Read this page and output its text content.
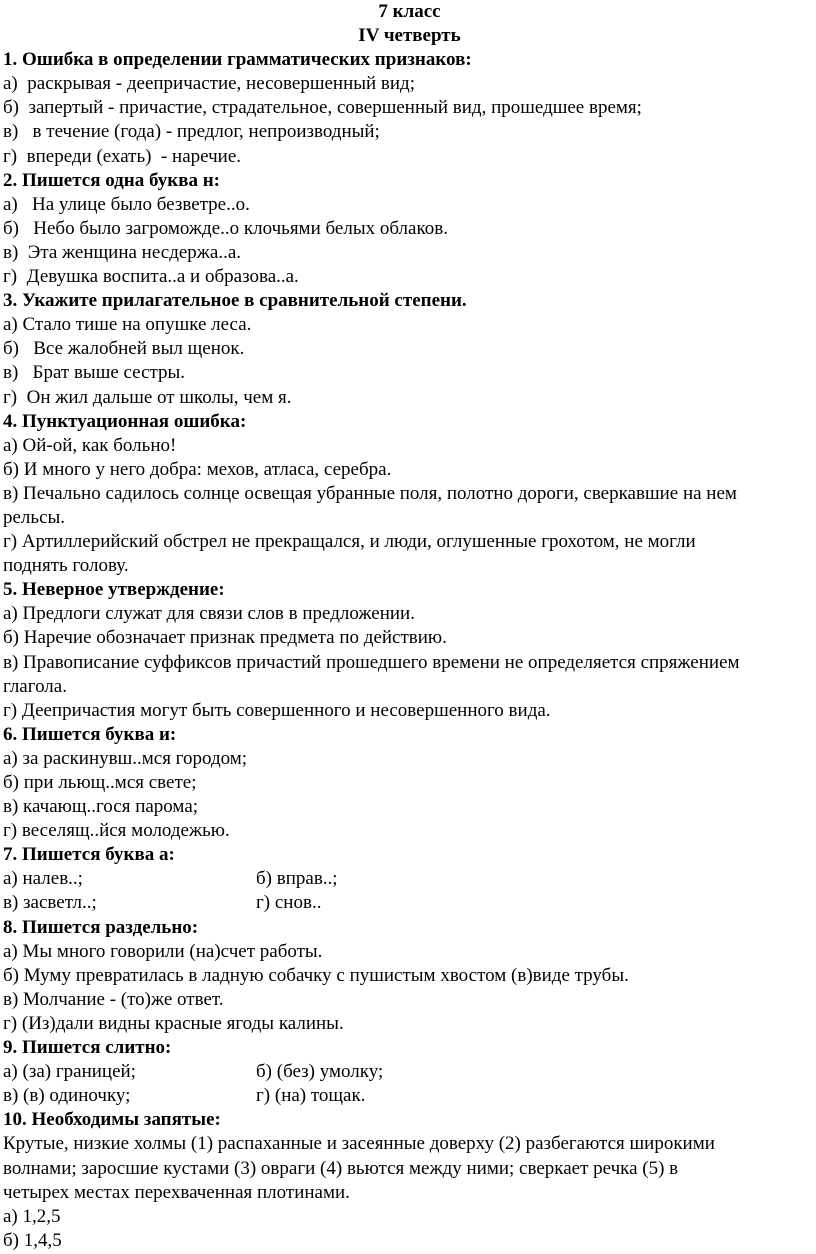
7 класс
IV четверть
1. Ошибка в определении грамматических признаков:
а)  раскрывая - деепричастие, несовершенный вид;
б)  запертый - причастие, страдательное, совершенный вид, прошедшее время;
в)   в течение (года) - предлог, непроизводный;
г)  впереди (ехать)  - наречие.
2. Пишется одна буква н:
а)   На улице было безветре..о.
б)   Небо было загроможде..о клочьями белых облаков.
в)  Эта женщина несдержа..а.
г)  Девушка воспита..а и образова..а.
3. Укажите прилагательное в сравнительной степени.
а) Стало тише на опушке леса.
б)   Все жалобней выл щенок.
в)   Брат выше сестры.
г)  Он жил дальше от школы, чем я.
4. Пунктуационная ошибка:
а) Ой-ой, как больно!
б) И много у него добра: мехов, атласа, серебра.
в) Печально садилось солнце освещая убранные поля, полотно дороги, сверкавшие на нем
рельсы.
г) Артиллерийский обстрел не прекращался, и люди, оглушенные грохотом, не могли
поднять голову.
5. Неверное утверждение:
а) Предлоги служат для связи слов в предложении.
б) Наречие обозначает признак предмета по действию.
в) Правописание суффиксов причастий прошедшего времени не определяется спряжением
глагола.
г) Деепричастия могут быть совершенного и несовершенного вида.
6. Пишется буква и:
а) за раскинувш..мся городом;
б) при льющ..мся свете;
в) качающ..гося парома;
г) веселящ..йся молодежью.
7. Пишется буква а:
а) налев..;	б) вправ..;
в) засветл..;	г) снов..
8. Пишется раздельно:
а) Мы много говорили (на)счет работы.
б) Муму превратилась в ладную собачку с пушистым хвостом (в)виде трубы.
в) Молчание - (то)же ответ.
г) (Из)дали видны красные ягоды калины.
9. Пишется слитно:
а) (за) границей;	б) (без) умолку;
в) (в) одиночку;	г) (на) тощак.
10. Необходимы запятые:
Крутые, низкие холмы (1) распаханные и засеянные доверху (2) разбегаются широкими
волнами; заросшие кустами (3) овраги (4) вьются между ними; сверкает речка (5) в
четырех местах перехваченная плотинами.
а) 1,2,5
б) 1,4,5
